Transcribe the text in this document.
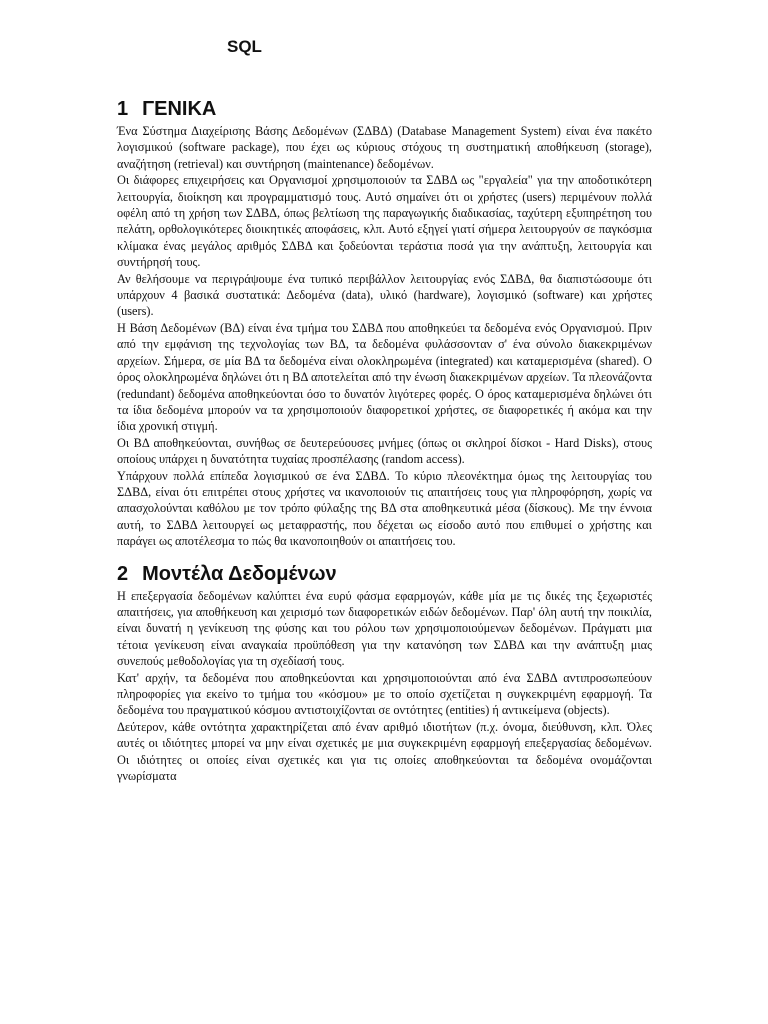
SQL
1 ΓΕΝΙΚΑ

Ένα Σύστημα Διαχείρισης Βάσης Δεδομένων (ΣΔΒΔ) (Database Management System) είναι ένα πακέτο λογισμικού (software package), που έχει ως κύριους στόχους τη συστηματική αποθήκευση (storage), αναζήτηση (retrieval) και συντήρηση (maintenance) δεδομένων.

Οι διάφορες επιχειρήσεις και Οργανισμοί χρησιμοποιούν τα ΣΔΒΔ ως "εργαλεία" για την αποδοτικότερη λειτουργία, διοίκηση και προγραμματισμό τους. Αυτό σημαίνει ότι οι χρήστες (users) περιμένουν πολλά οφέλη από τη χρήση των ΣΔΒΔ, όπως βελτίωση της παραγωγικής διαδικασίας, ταχύτερη εξυπηρέτηση του πελάτη, ορθολογικότερες διοικητικές αποφάσεις, κλπ. Αυτό εξηγεί γιατί σήμερα λειτουργούν σε παγκόσμια κλίμακα ένας μεγάλος αριθμός ΣΔΒΔ και ξοδεύονται τεράστια ποσά για την ανάπτυξη, λειτουργία και συντήρησή τους.

Αν θελήσουμε να περιγράψουμε ένα τυπικό περιβάλλον λειτουργίας ενός ΣΔΒΔ, θα διαπιστώσουμε ότι υπάρχουν 4 βασικά συστατικά: Δεδομένα (data), υλικό (hardware), λογισμικό (software) και χρήστες (users).

Η Βάση Δεδομένων (ΒΔ) είναι ένα τμήμα του ΣΔΒΔ που αποθηκεύει τα δεδομένα ενός Οργανισμού. Πριν από την εμφάνιση της τεχνολογίας των ΒΔ, τα δεδομένα φυλάσσονταν σ' ένα σύνολο διακεκριμένων αρχείων. Σήμερα, σε μία ΒΔ τα δεδομένα είναι ολοκληρωμένα (integrated) και καταμερισμένα (shared). Ο όρος ολοκληρωμένα δηλώνει ότι η ΒΔ αποτελείται από την ένωση διακεκριμένων αρχείων. Τα πλεονάζοντα (redundant) δεδομένα αποθηκεύονται όσο το δυνατόν λιγότερες φορές. Ο όρος καταμερισμένα δηλώνει ότι τα ίδια δεδομένα μπορούν να τα χρησιμοποιούν διαφορετικοί χρήστες, σε διαφορετικές ή ακόμα και την ίδια χρονική στιγμή.

Οι ΒΔ αποθηκεύονται, συνήθως σε δευτερεύουσες μνήμες (όπως οι σκληροί δίσκοι - Hard Disks), στους οποίους υπάρχει η δυνατότητα τυχαίας προσπέλασης (random access).

Υπάρχουν πολλά επίπεδα λογισμικού σε ένα ΣΔΒΔ. Το κύριο πλεονέκτημα όμως της λειτουργίας του ΣΔΒΔ, είναι ότι επιτρέπει στους χρήστες να ικανοποιούν τις απαιτήσεις τους για πληροφόρηση, χωρίς να απασχολούνται καθόλου με τον τρόπο φύλαξης της ΒΔ στα αποθηκευτικά μέσα (δίσκους). Με την έννοια αυτή, το ΣΔΒΔ λειτουργεί ως μεταφραστής, που δέχεται ως είσοδο αυτό που επιθυμεί ο χρήστης και παράγει ως αποτέλεσμα το πώς θα ικανοποιηθούν οι απαιτήσεις του.

2 Μοντέλα Δεδομένων

Η επεξεργασία δεδομένων καλύπτει ένα ευρύ φάσμα εφαρμογών, κάθε μία με τις δικές της ξεχωριστές απαιτήσεις, για αποθήκευση και χειρισμό των διαφορετικών ειδών δεδομένων. Παρ' όλη αυτή την ποικιλία, είναι δυνατή η γενίκευση της φύσης και του ρόλου των χρησιμοποιούμενων δεδομένων. Πράγματι μια τέτοια γενίκευση είναι αναγκαία προϋπόθεση για την κατανόηση των ΣΔΒΔ και την ανάπτυξη μιας συνεπούς μεθοδολογίας για τη σχεδίασή τους.

Κατ' αρχήν, τα δεδομένα που αποθηκεύονται και χρησιμοποιούνται από ένα ΣΔΒΔ αντιπροσωπεύουν πληροφορίες για εκείνο το τμήμα του «κόσμου» με το οποίο σχετίζεται η συγκεκριμένη εφαρμογή. Τα δεδομένα του πραγματικού κόσμου αντιστοιχίζονται σε οντότητες (entities) ή αντικείμενα (objects).

Δεύτερον, κάθε οντότητα χαρακτηρίζεται από έναν αριθμό ιδιοτήτων (π.χ. όνομα, διεύθυνση, κλπ. Όλες αυτές οι ιδιότητες μπορεί να μην είναι σχετικές με μια συγκεκριμένη εφαρμογή επεξεργασίας δεδομένων. Οι ιδιότητες οι οποίες είναι σχετικές και για τις οποίες αποθηκεύονται τα δεδομένα ονομάζονται γνωρίσματα
